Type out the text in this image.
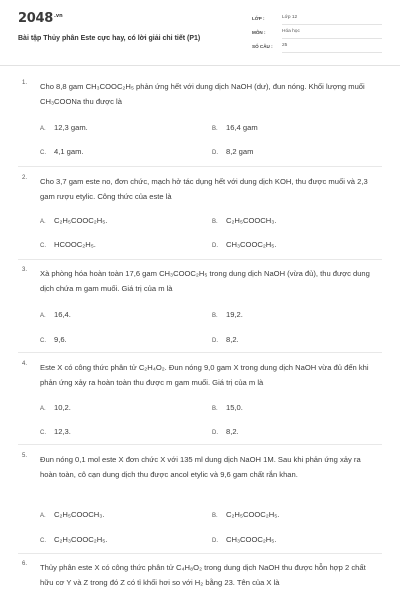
$2048^{.vn}$
Bài tập Thủy phân Este cực hay, có lời giải chi tiết (P1)
LỚP :	Lớp 12
MÔN :	Hóa học
SỐ CÂU : 25
1. Cho 8,8 gam CH₃COOC₂H₅ phản ứng hết với dung dịch NaOH (dư), đun nóng. Khối lượng muối CH₃COONa thu được là
A. 12,3 gam.	B. 16,4 gam
C. 4,1 gam.	D. 8,2 gam
2. Cho 3,7 gam este no, đơn chức, mạch hở tác dụng hết với dung dịch KOH, thu được muối và 2,3 gam rượu etylic. Công thức của este là
A. C₂H₅COOC₂H₅.	B. C₂H₅COOCH₃.
C. HCOOC₂H₅.	D. CH₃COOC₂H₅.
3. Xà phòng hóa hoàn toàn 17,6 gam CH₃COOC₂H₅ trong dung dịch NaOH (vừa đủ), thu được dung dịch chứa m gam muối. Giá trị của m là
A. 16,4.	B. 19,2.
C. 9,6.	D. 8,2.
4. Este X có công thức phân tử C₂H₄O₂. Đun nóng 9,0 gam X trong dung dịch NaOH vừa đủ đến khi phản ứng xảy ra hoàn toàn thu được m gam muối. Giá trị của m là
A. 10,2.	B. 15,0.
C. 12,3.	D. 8,2.
5. Đun nóng 0,1 mol este X đơn chức X với 135 ml dung dịch NaOH 1M. Sau khi phản ứng xảy ra hoàn toàn, cô cạn dung dịch thu được ancol etylic và 9,6 gam chất rắn khan.
A. C₂H₅COOCH₃.	B. C₂H₅COOC₂H₅.
C. C₂H₃COOC₂H₅.	D. CH₃COOC₂H₅.
6. Thủy phân este X có công thức phân tử C₄H₈O₂ trong dung dịch NaOH thu được hỗn hợp 2 chất hữu cơ Y và Z trong đó Z có tỉ khối hơi so với H₂ bằng 23. Tên của X là
